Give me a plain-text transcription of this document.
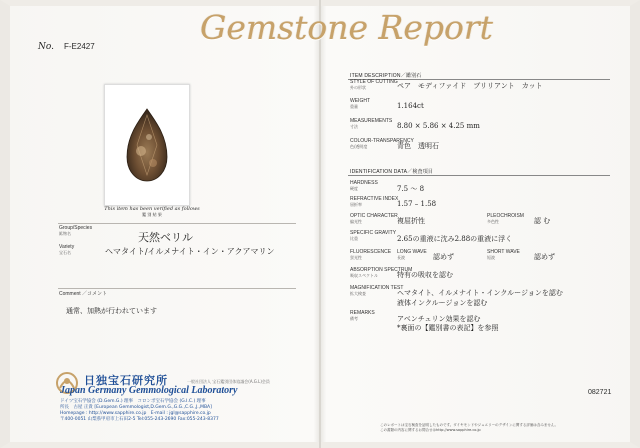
Gemstone Report
No. F-E2427
This item has been verified as follows
鑑 別 結 果
Group/Species
鉱物名	天然ベリル
Variety
宝石名	ヘマタイト/イルメナイト・イン・アクアマリン
Comment ／コメント
通常、加熱が行われています
日独宝石研究所	一般社団法人 宝石鑑別団体協議会(A.G.L)会員
Japan Germany Gemmological Laboratory
ドイツ宝石学協会 (D.Gem.G.) 理事　コロンボ宝石学協会 (G.I.C.) 理事
所長　古屋 正貴 [European Gemmologist,D.Gem.G.,G.G.,C.G.,J.,MBA]
Homepage : http://www.sapphire.co.jp　E-mail : jgl@sapphire.co.jp
〒400-0051 山梨県甲府市上石田2-5 Tel:055-243-2690 Fax:055-243-8377
ITEM DESCRIPTION／鑑別石
STYLE OF CUTTING
外の形状	ペア　モディファイド　ブリリアント　カット
WEIGHT
重量	1.164ct
MEASUREMENTS
寸法	8.80 × 5.86 × 4.25 mm
COLOUR-TRANSPARENCY
色/透明度	青色　透明石
IDENTIFICATION DATA／検査項目
HARDNESS
硬度	7.5 ～ 8
REFRACTIVE INDEX
屈折率	1.57 – 1.58
OPTIC CHARACTER
偏光性	複屈折性
PLEOCHROISM
多色性	認 む
SPECIFIC GRAVITY
比重	2.65の重液に沈み2.88の重液に浮く
FLUORESCENCE
蛍光性
LONG WAVE
長波	認めず
SHORT WAVE
短波	認めず
ABSORPTION SPECTRUM
吸収スペクトル	特有の吸収を認む
MAGNIFICATION TEST
拡大検査	ヘマタイト、イルメナイト・インクルージョンを認む
液体インクルージョンを認む
REMARKS
備考	アベンチュリン効果を認む
*裏面の【鑑別書の表記】を参照
082721
このレポートは宝石検査を証明したものです。ダイヤモンドやジュエリーのデザインに関する評価は含みません。
この書類の内容に関するお問合せはhttp://www.sapphire.co.jp
